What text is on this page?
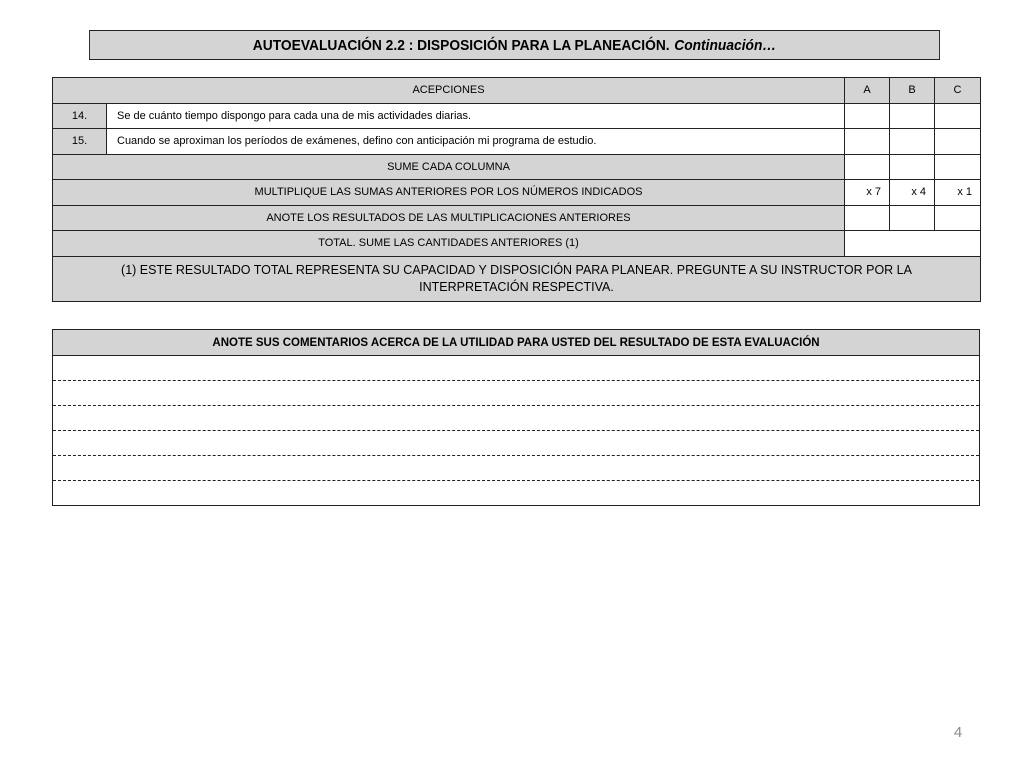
AUTOEVALUACIÓN 2.2 : DISPOSICIÓN PARA LA PLANEACIÓN. Continuación…
ACEPCIONES		A	B	C
14.	Se de cuánto tiempo dispongo para cada una de mis actividades diarias.			
15.	Cuando se aproximan los períodos de exámenes, defino con anticipación mi programa de estudio.			
SUME CADA COLUMNA				
MULTIPLIQUE LAS SUMAS ANTERIORES POR LOS NÚMEROS INDICADOS		x 7	x 4	x 1
ANOTE LOS RESULTADOS DE LAS MULTIPLICACIONES ANTERIORES				
TOTAL. SUME LAS CANTIDADES ANTERIORES (1)				
(1) ESTE RESULTADO TOTAL REPRESENTA SU CAPACIDAD Y DISPOSICIÓN PARA PLANEAR. PREGUNTE A SU INSTRUCTOR POR LA INTERPRETACIÓN RESPECTIVA.				
ANOTE SUS COMENTARIOS ACERCA DE LA UTILIDAD PARA USTED DEL RESULTADO DE ESTA EVALUACIÓN

4
